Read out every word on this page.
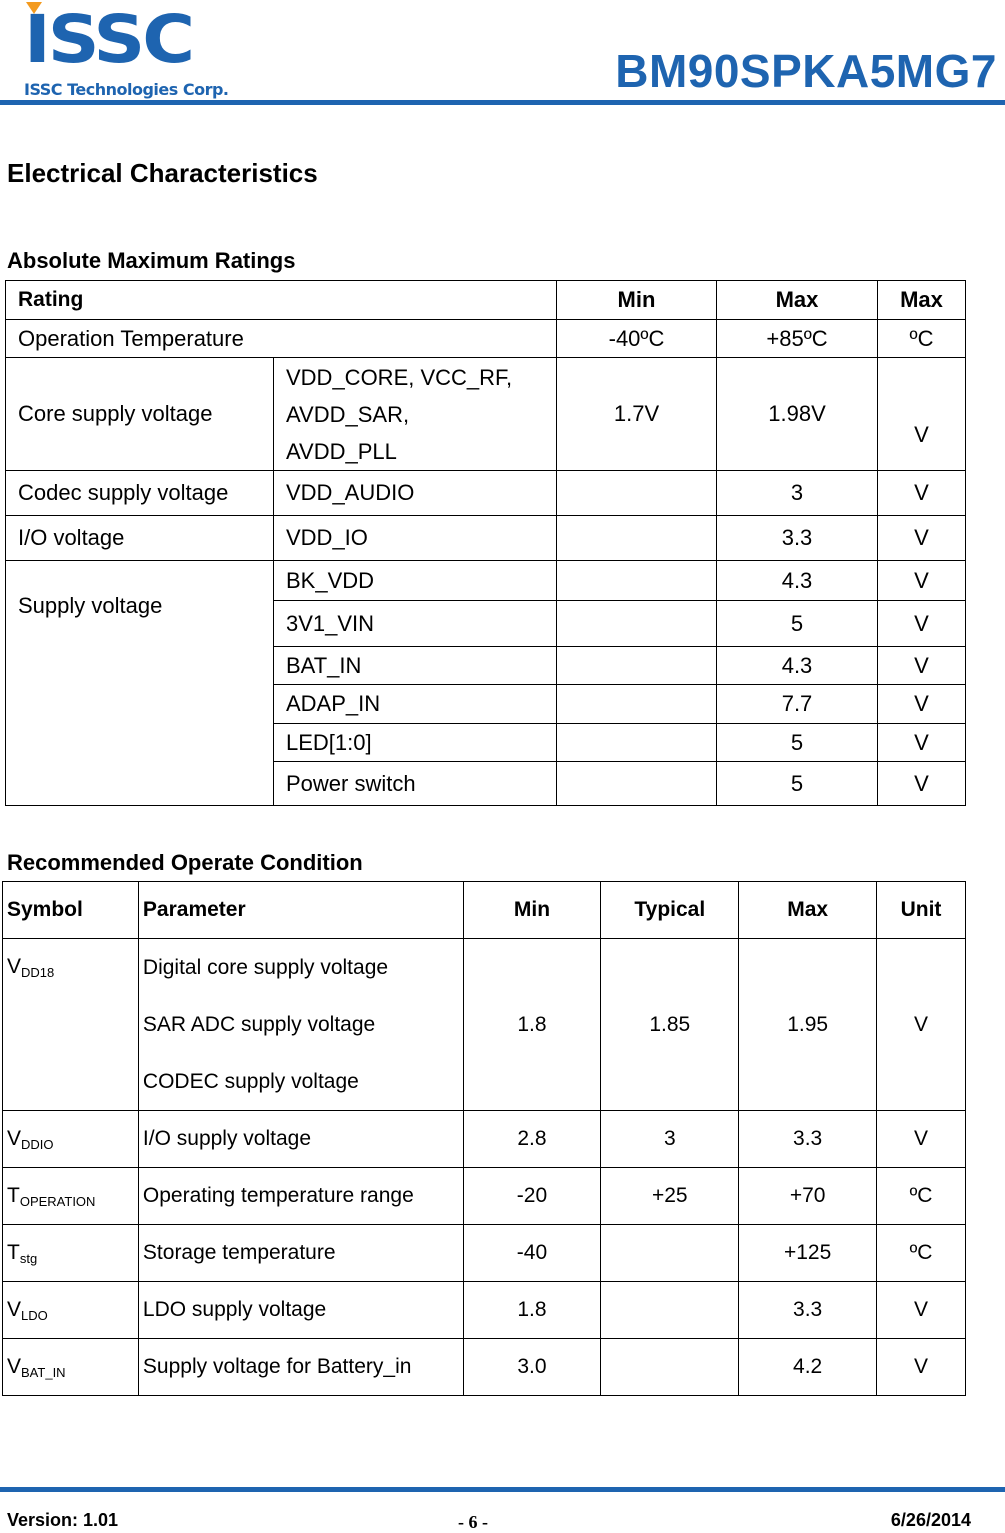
ISSC
ISSC Technologies Corp.	BM90SPKA5MG7
Electrical Characteristics
Absolute Maximum Ratings
Rating		Min	Max	Max
Operation Temperature		-40ºC	+85ºC	ºC
Core supply voltage	VDD_CORE, VCC_RF,
AVDD_SAR,
AVDD_PLL	1.7V	1.98V	V
Codec supply voltage	VDD_AUDIO		3	V
I/O voltage	VDD_IO		3.3	V
Supply voltage	BK_VDD		4.3	V
	3V1_VIN		5	V
	BAT_IN		4.3	V
	ADAP_IN		7.7	V
	LED[1:0]		5	V
	Power switch		5	V
Recommended Operate Condition
Symbol	Parameter	Min	Typical	Max	Unit
$V_{DD18}$	Digital core supply voltage
SAR ADC supply voltage
CODEC supply voltage	1.8	1.85	1.95	V
$V_{DDIO}$	I/O supply voltage	2.8	3	3.3	V
$T_{OPERATION}$	Operating temperature range	-20	+25	+70	ºC
$T_{stg}$	Storage temperature	-40		+125	ºC
$V_{LDO}$	LDO supply voltage	1.8		3.3	V
$V_{BAT\_IN}$	Supply voltage for Battery_in	3.0		4.2	V
Version: 1.01	- 6 -	6/26/2014
